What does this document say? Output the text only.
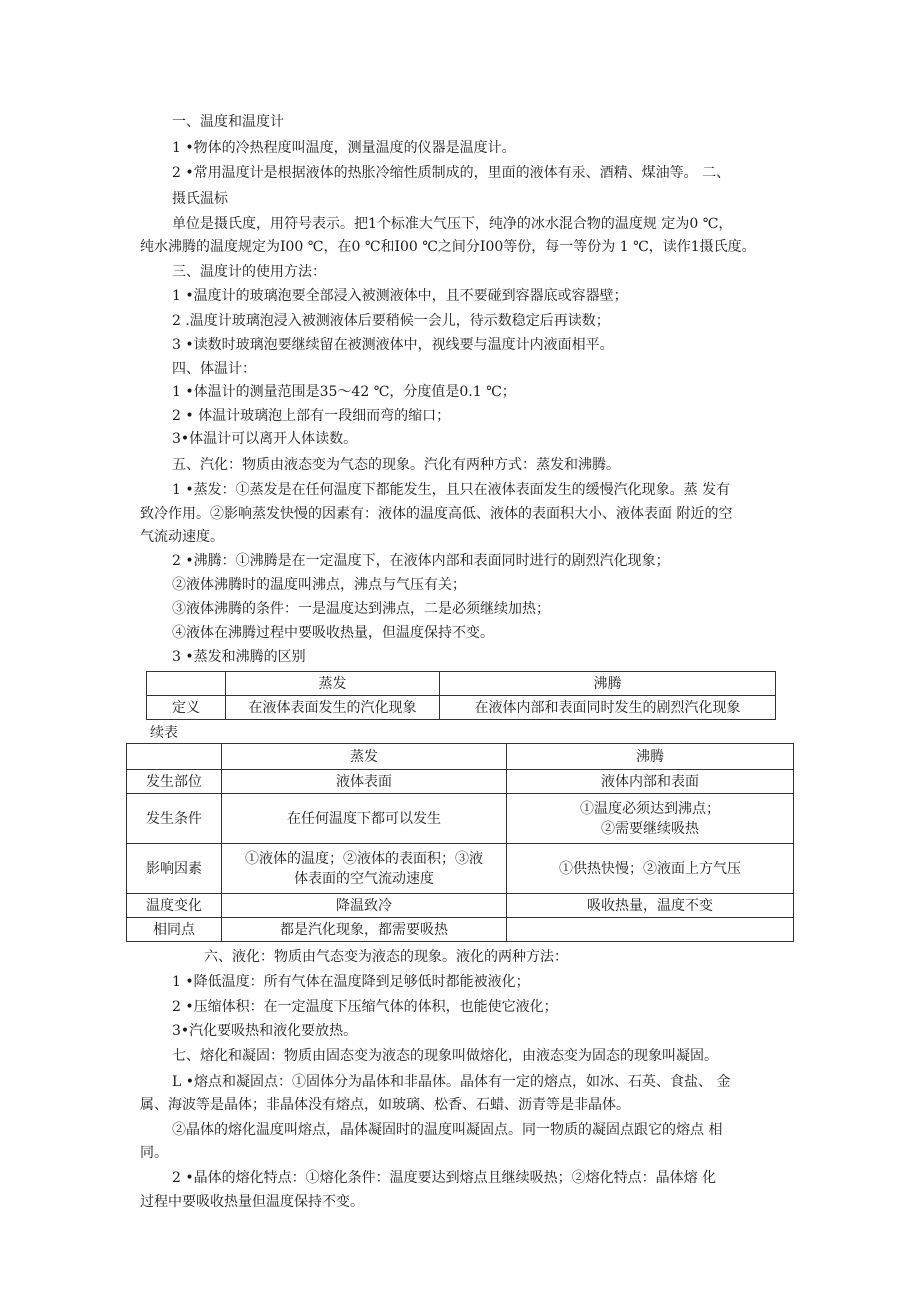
一、温度和温度计

1 •物体的冷热程度叫温度，测量温度的仪器是温度计。

2 •常用温度计是根据液体的热胀冷缩性质制成的，里面的液体有汞、酒精、煤油等。 二、

摄氏温标

单位是摄氏度，用符号表示。把1个标准大气压下，纯净的冰水混合物的温度规 定为0 ℃，

纯水沸腾的温度规定为I00 ℃，在0 ℃和I00 ℃之间分I00等份，每一等份为 1 ℃，读作1摄氏度。

三、温度计的使用方法：

1 •温度计的玻璃泡要全部浸入被测液体中，且不要碰到容器底或容器壁；

2 .温度计玻璃泡浸入被测液体后要稍候一会儿，待示数稳定后再读数；

3 •读数时玻璃泡要继续留在被测液体中，视线要与温度计内液面相平。

四、体温计：

1 •体温计的测量范围是35〜42 ℃，分度值是0.1 ℃；

2 • 体温计玻璃泡上部有一段细而弯的缩口；

3•体温计可以离开人体读数。

五、汽化：物质由液态变为气态的现象。汽化有两种方式：蒸发和沸腾。

1 •蒸发：①蒸发是在任何温度下都能发生，且只在液体表面发生的缓慢汽化现象。蒸 发有

致冷作用。②影响蒸发快慢的因素有：液体的温度高低、液体的表面积大小、液体表面 附近的空

气流动速度。

2 •沸腾：①沸腾是在一定温度下，在液体内部和表面同时进行的剧烈汽化现象；

②液体沸腾时的温度叫沸点，沸点与气压有关；

③液体沸腾的条件：一是温度达到沸点，二是必须继续加热；

④液体在沸腾过程中要吸收热量，但温度保持不变。

3 •蒸发和沸腾的区别

	蒸发	沸腾
定义	在液体表面发生的汽化现象	在液体内部和表面同时发生的剧烈汽化现象

续表

	蒸发	沸腾
发生部位	液体表面	液体内部和表面
发生条件	在任何温度下都可以发生	①温度必须达到沸点；
②需要继续吸热

影响因素	①液体的温度；②液体的表面积；③液
体表面的空气流动速度	①供热快慢；②液面上方气压
温度变化	降温致冷	吸收热量，温度不变
相同点	都是汽化现象，都需要吸热	

六、液化：物质由气态变为液态的现象。液化的两种方法：

1 •降低温度：所有气体在温度降到足够低时都能被液化；

2 •压缩体积：在一定温度下压缩气体的体积，也能使它液化；

3•汽化要吸热和液化要放热。

七、熔化和凝固：物质由固态变为液态的现象叫做熔化，由液态变为固态的现象叫凝固。

L •熔点和凝固点：①固体分为晶体和非晶体。晶体有一定的熔点，如冰、石英、食盐、 金

属、海波等是晶体；非晶体没有熔点，如玻璃、松香、石蜡、沥青等是非晶体。

②晶体的熔化温度叫熔点，晶体凝固时的温度叫凝固点。同一物质的凝固点跟它的熔点 相

同。

2 •晶体的熔化特点：①熔化条件：温度要达到熔点且继续吸热；②熔化特点：晶体熔 化

过程中要吸收热量但温度保持不变。
